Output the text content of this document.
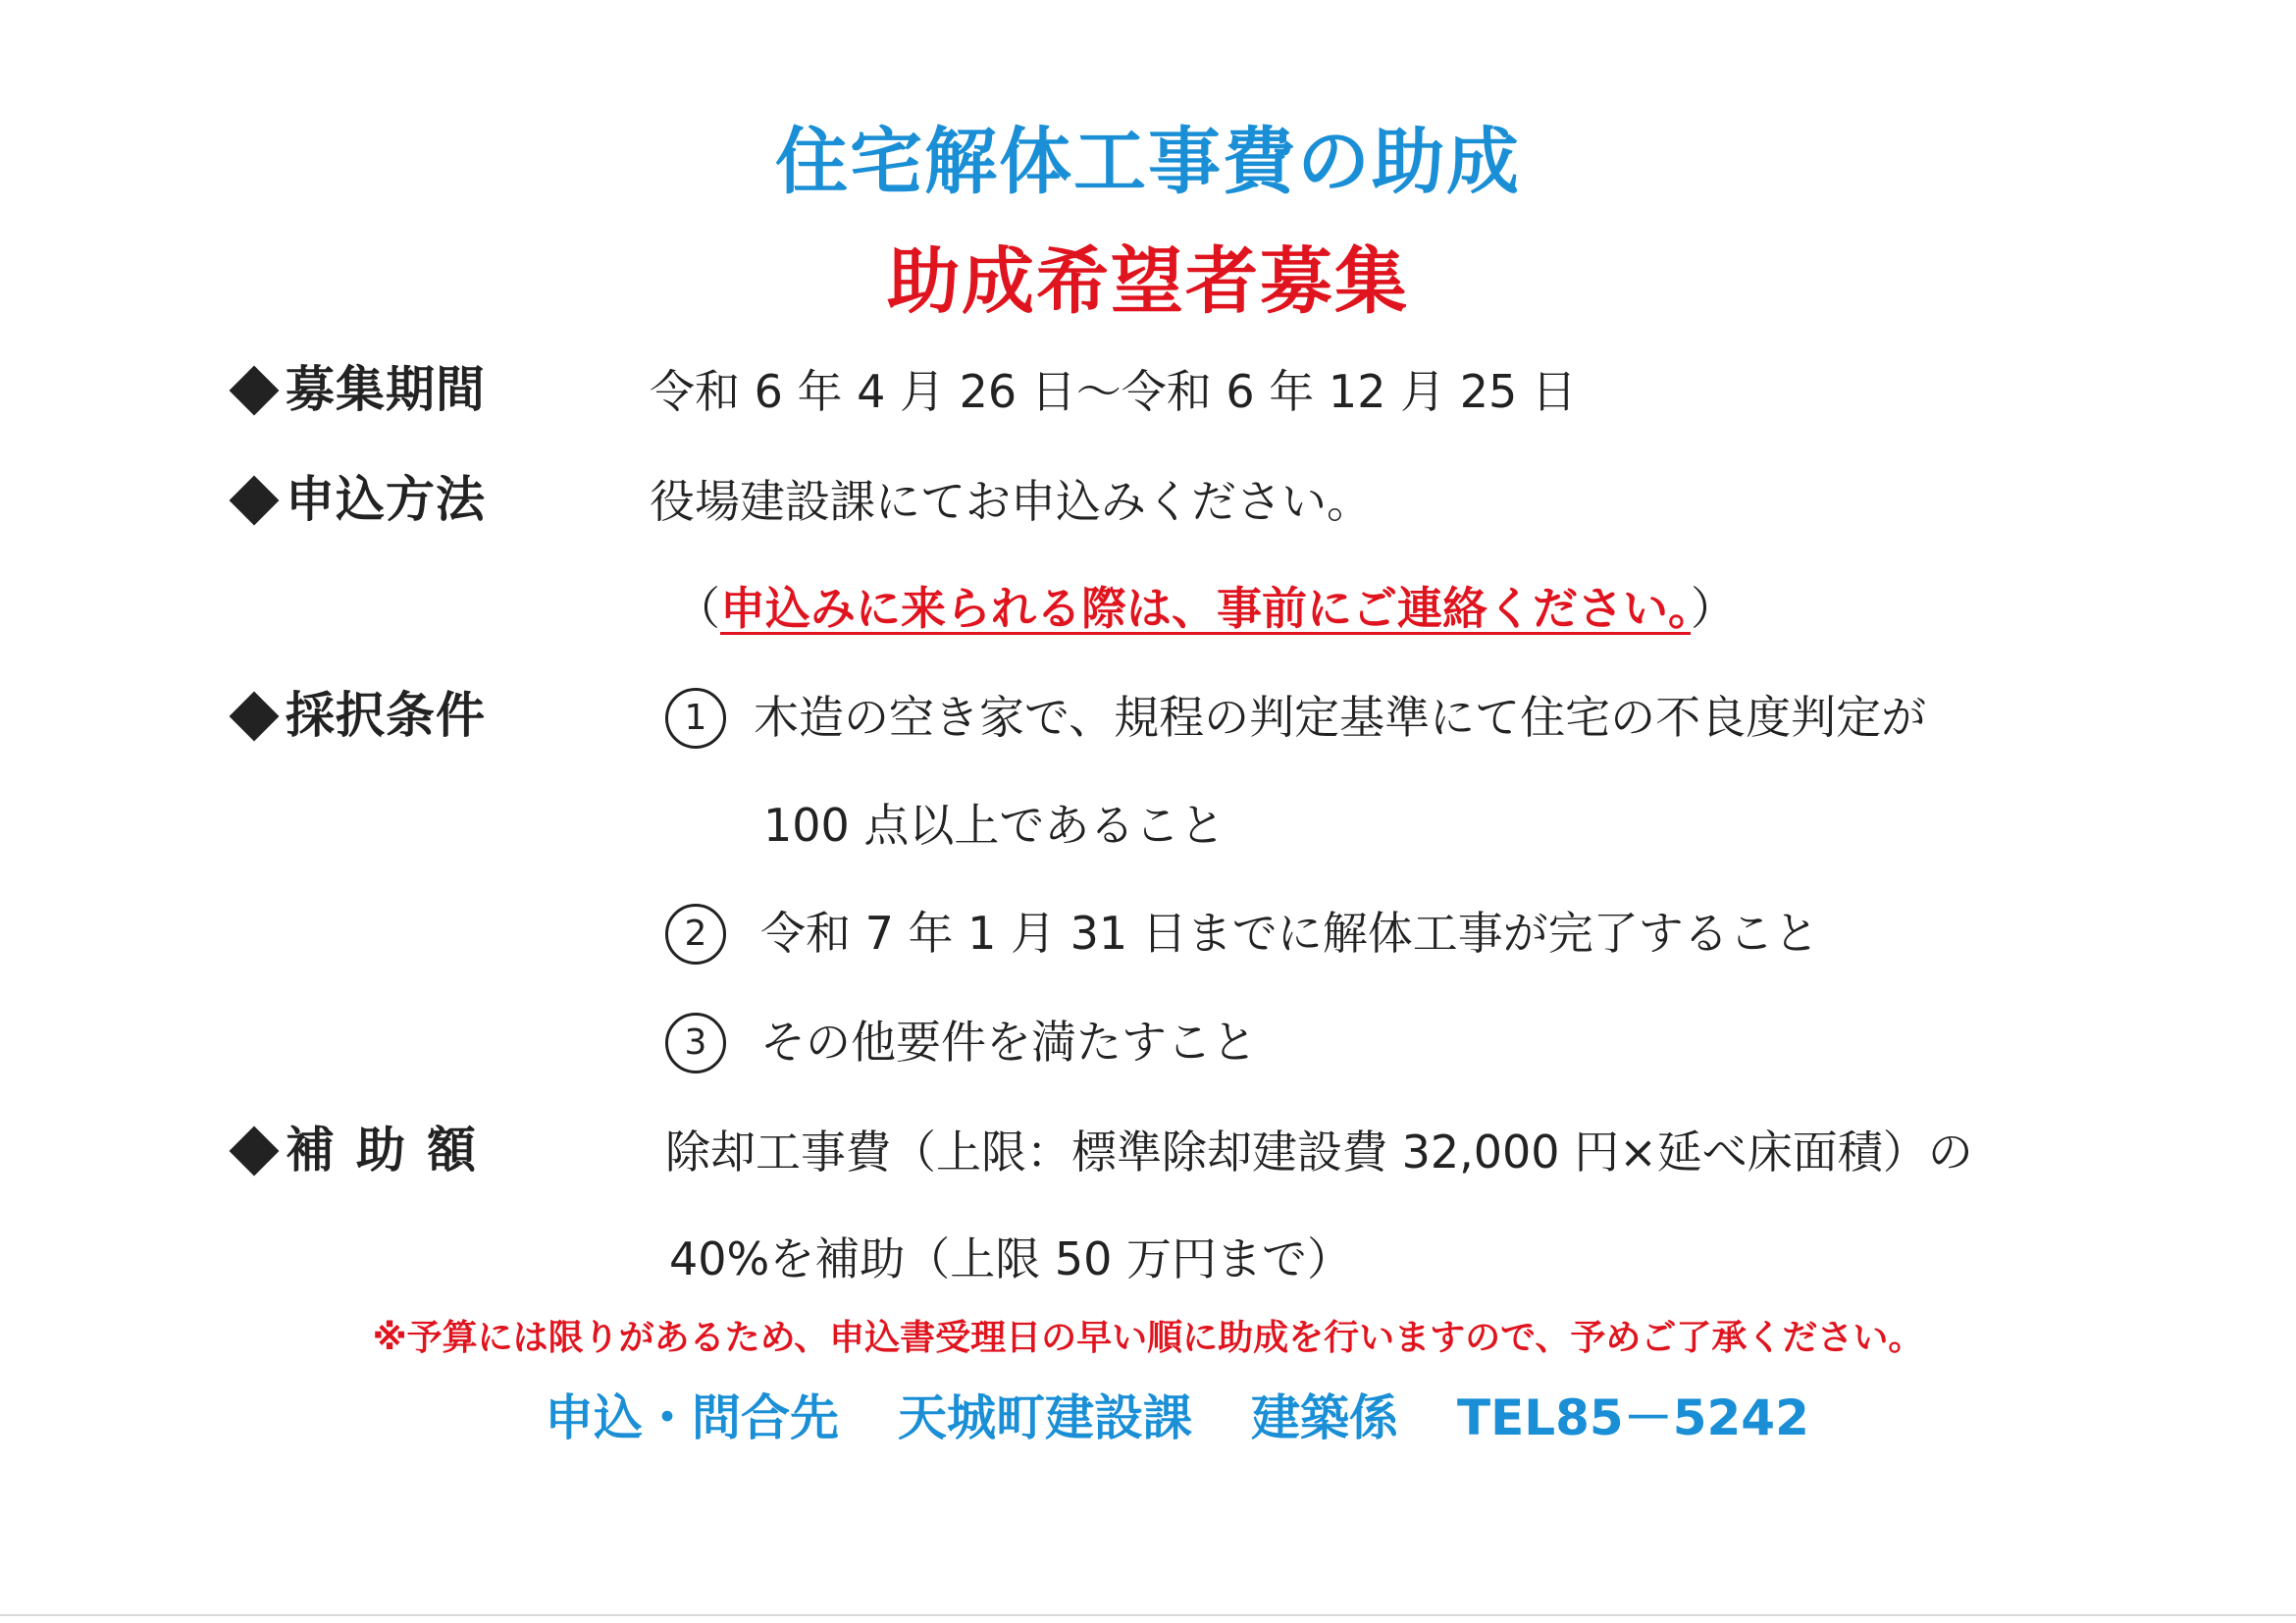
住宅解体工事費の助成
助成希望者募集
募集期間	令和 6 年 4 月 26 日～令和 6 年 12 月 25 日
申込方法	役場建設課にてお申込みください。
（申込みに来られる際は、事前にご連絡ください。）
採択条件	1	木造の空き家で、規程の判定基準にて住宅の不良度判定が
100 点以上であること
2	令和 7 年 1 月 31 日までに解体工事が完了すること
3	その他要件を満たすこと
補助額	除却工事費（上限：標準除却建設費 32,000 円×延べ床面積）の
40%を補助（上限 50 万円まで）
※予算には限りがあるため、申込書受理日の早い順に助成を行いますので、予めご了承ください。
申込・問合先 天城町建設課 建築係 TEL85－5242
